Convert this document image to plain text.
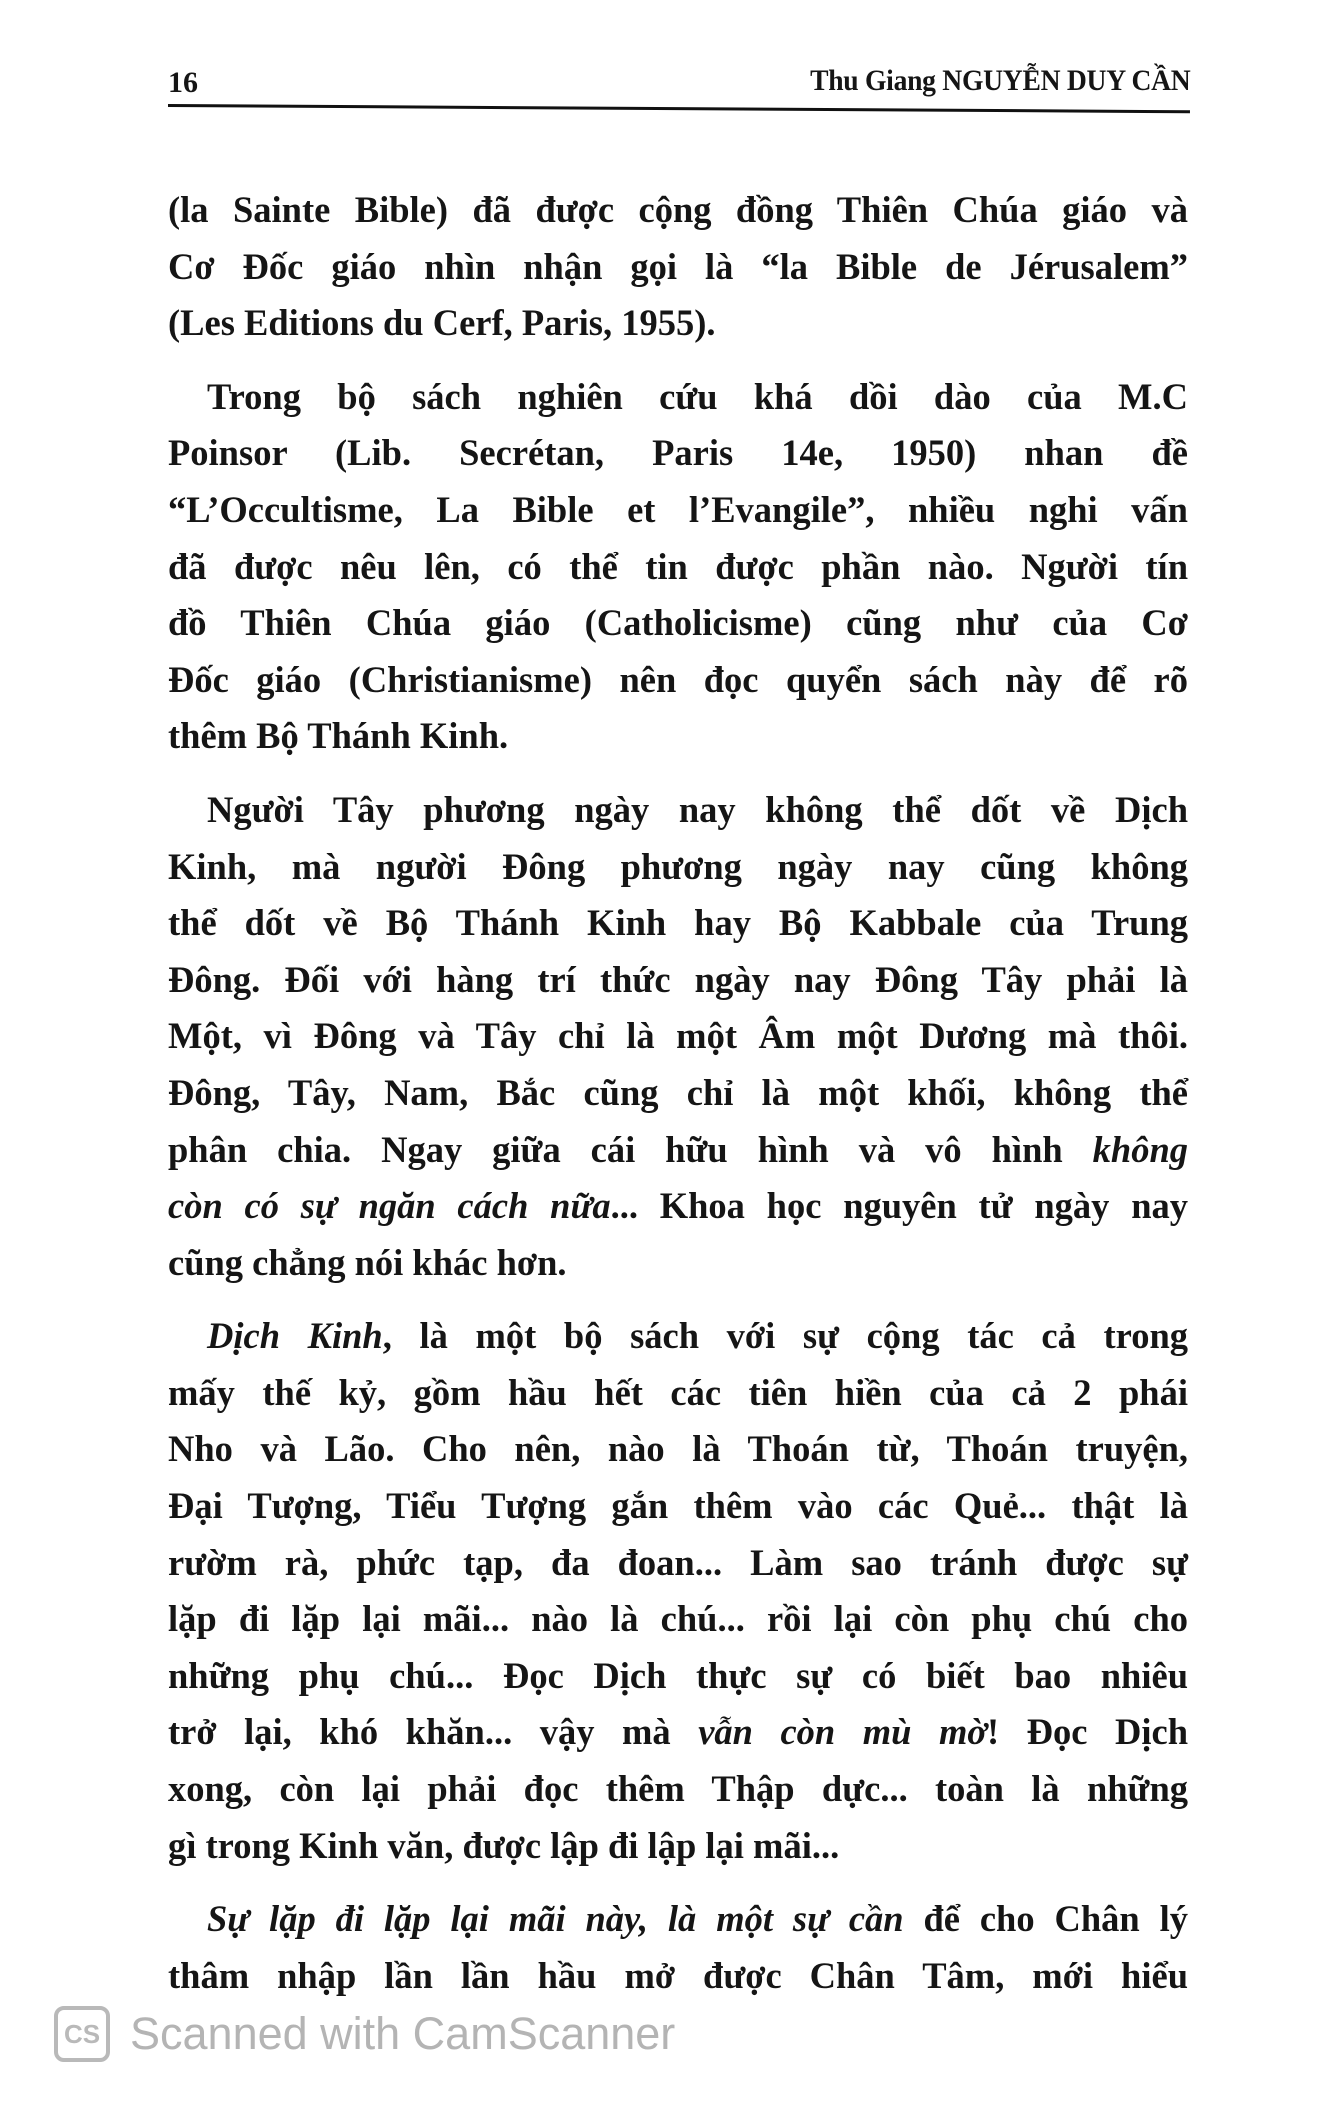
16	Thu Giang NGUYỄN DUY CẦN
(la Sainte Bible) đã được cộng đồng Thiên Chúa giáo và
Cơ Đốc giáo nhìn nhận gọi là “la Bible de Jérusalem”
(Les Editions du Cerf, Paris, 1955).
Trong bộ sách nghiên cứu khá dồi dào của M.C
Poinsor (Lib. Secrétan, Paris 14e, 1950) nhan đề
“L’Occultisme, La Bible et l’Evangile”, nhiều nghi vấn
đã được nêu lên, có thể tin được phần nào. Người tín
đồ Thiên Chúa giáo (Catholicisme) cũng như của Cơ
Đốc giáo (Christianisme) nên đọc quyển sách này để rõ
thêm Bộ Thánh Kinh.
Người Tây phương ngày nay không thể dốt về Dịch
Kinh, mà người Đông phương ngày nay cũng không
thể dốt về Bộ Thánh Kinh hay Bộ Kabbale của Trung
Đông. Đối với hàng trí thức ngày nay Đông Tây phải là
Một, vì Đông và Tây chỉ là một Âm một Dương mà thôi.
Đông, Tây, Nam, Bắc cũng chỉ là một khối, không thể
phân chia. Ngay giữa cái hữu hình và vô hình không
còn có sự ngăn cách nữa... Khoa học nguyên tử ngày nay
cũng chẳng nói khác hơn.
Dịch Kinh, là một bộ sách với sự cộng tác cả trong
mấy thế kỷ, gồm hầu hết các tiên hiền của cả 2 phái
Nho và Lão. Cho nên, nào là Thoán từ, Thoán truyện,
Đại Tượng, Tiểu Tượng gắn thêm vào các Quẻ... thật là
rườm rà, phức tạp, đa đoan... Làm sao tránh được sự
lặp đi lặp lại mãi... nào là chú... rồi lại còn phụ chú cho
những phụ chú... Đọc Dịch thực sự có biết bao nhiêu
trở lại, khó khăn... vậy mà vẫn còn mù mờ! Đọc Dịch
xong, còn lại phải đọc thêm Thập dực... toàn là những
gì trong Kinh văn, được lập đi lập lại mãi...
Sự lặp đi lặp lại mãi này, là một sự cần để cho Chân lý
thâm nhập lần lần hầu mở được Chân Tâm, mới hiểu
CS Scanned with CamScanner
